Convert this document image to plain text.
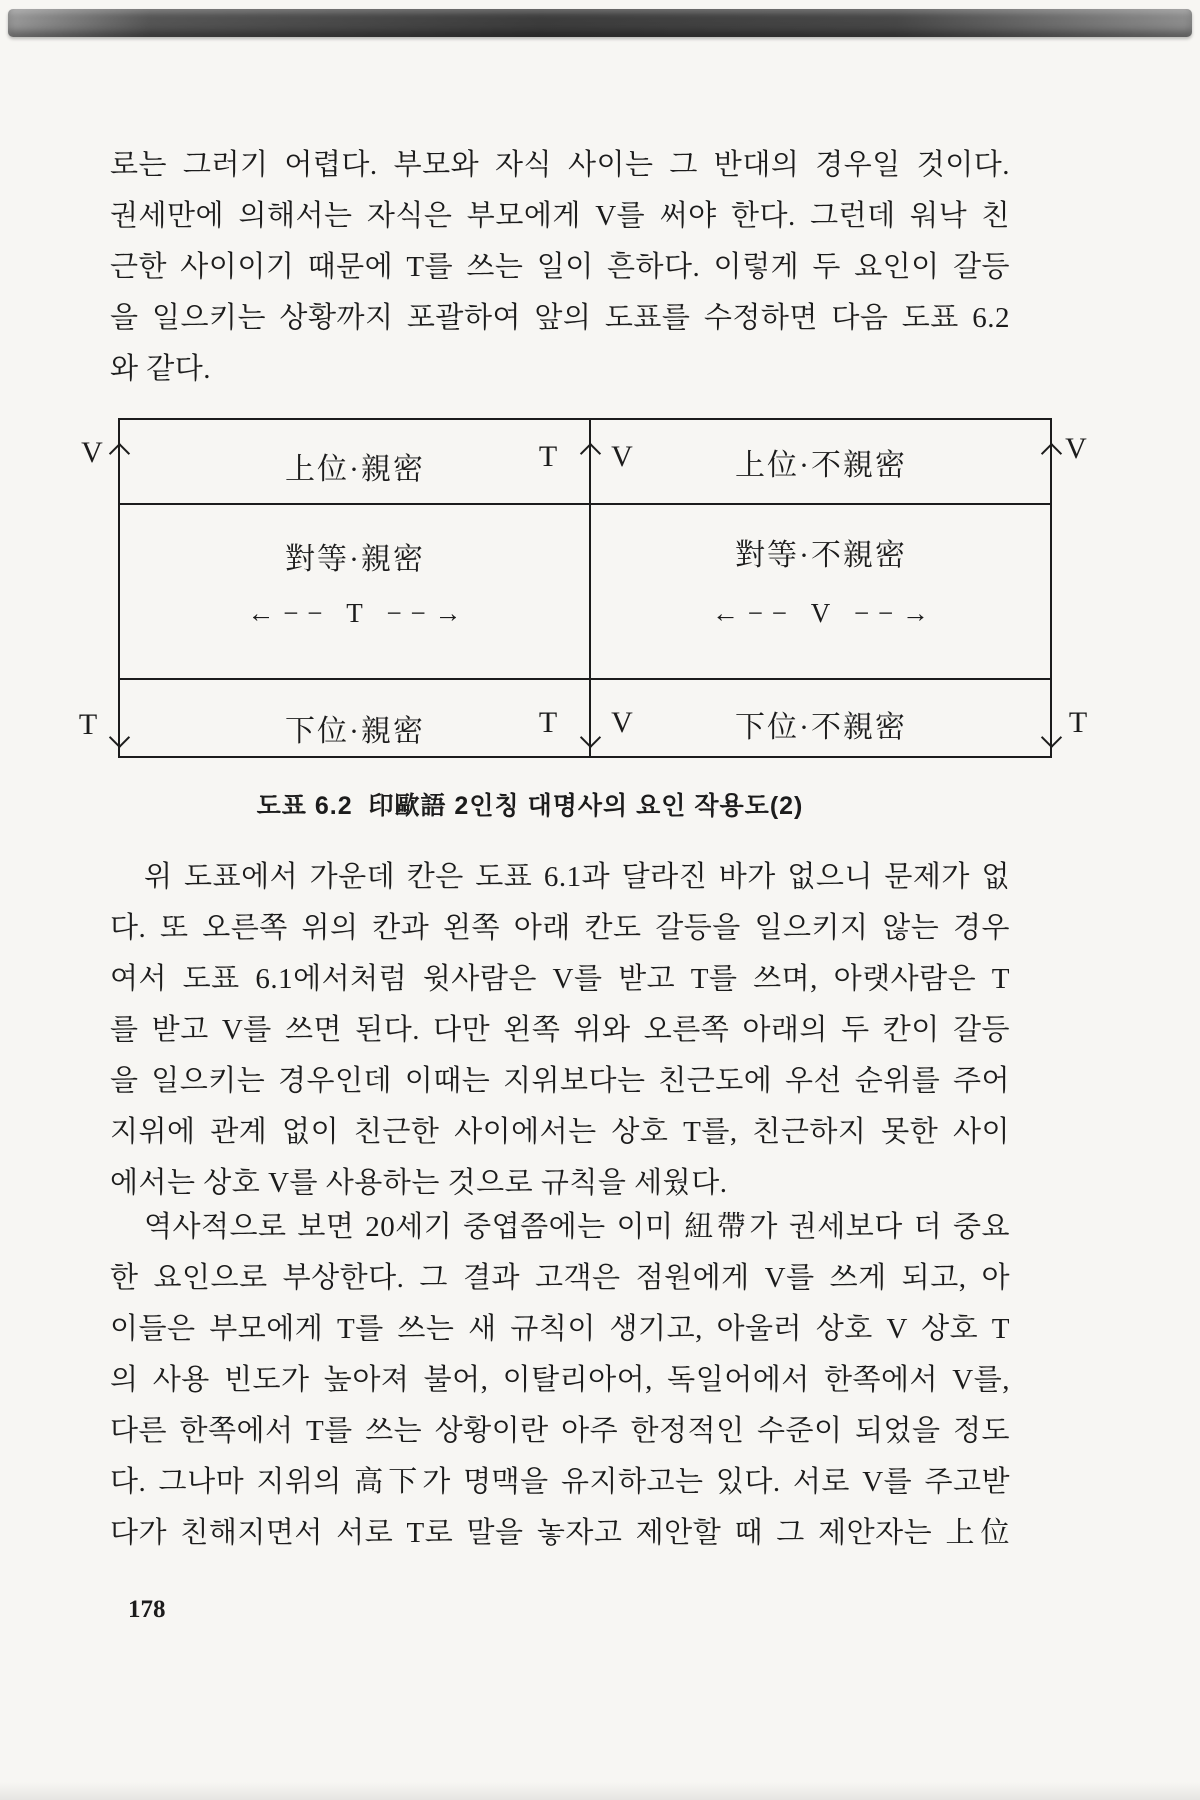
로는 그러기 어렵다. 부모와 자식 사이는 그 반대의 경우일 것이다.
권세만에 의해서는 자식은 부모에게 V를 써야 한다. 그런데 워낙 친
근한 사이이기 때문에 T를 쓰는 일이 흔하다. 이렇게 두 요인이 갈등
을 일으키는 상황까지 포괄하여 앞의 도표를 수정하면 다음 도표 6.2
와 같다.
V
T
T	V
T	V
V
T
上位·親密	上位·不親密
對等·親密	對等·不親密
← − −   T   − − →	← − −   V   − − →
下位·親密	下位·不親密
도표 6.2  印歐語 2인칭 대명사의 요인 작용도(2)
위 도표에서 가운데 칸은 도표 6.1과 달라진 바가 없으니 문제가 없
다. 또 오른쪽 위의 칸과 왼쪽 아래 칸도 갈등을 일으키지 않는 경우
여서 도표 6.1에서처럼 윗사람은 V를 받고 T를 쓰며, 아랫사람은 T
를 받고 V를 쓰면 된다. 다만 왼쪽 위와 오른쪽 아래의 두 칸이 갈등
을 일으키는 경우인데 이때는 지위보다는 친근도에 우선 순위를 주어
지위에 관계 없이 친근한 사이에서는 상호 T를, 친근하지 못한 사이
에서는 상호 V를 사용하는 것으로 규칙을 세웠다.
역사적으로 보면 20세기 중엽쯤에는 이미 紐帶가 권세보다 더 중요
한 요인으로 부상한다. 그 결과 고객은 점원에게 V를 쓰게 되고, 아
이들은 부모에게 T를 쓰는 새 규칙이 생기고, 아울러 상호 V 상호 T
의 사용 빈도가 높아져 불어, 이탈리아어, 독일어에서 한쪽에서 V를,
다른 한쪽에서 T를 쓰는 상황이란 아주 한정적인 수준이 되었을 정도
다. 그나마 지위의 高下가 명맥을 유지하고는 있다. 서로 V를 주고받
다가 친해지면서 서로 T로 말을 놓자고 제안할 때 그 제안자는 上位
178
